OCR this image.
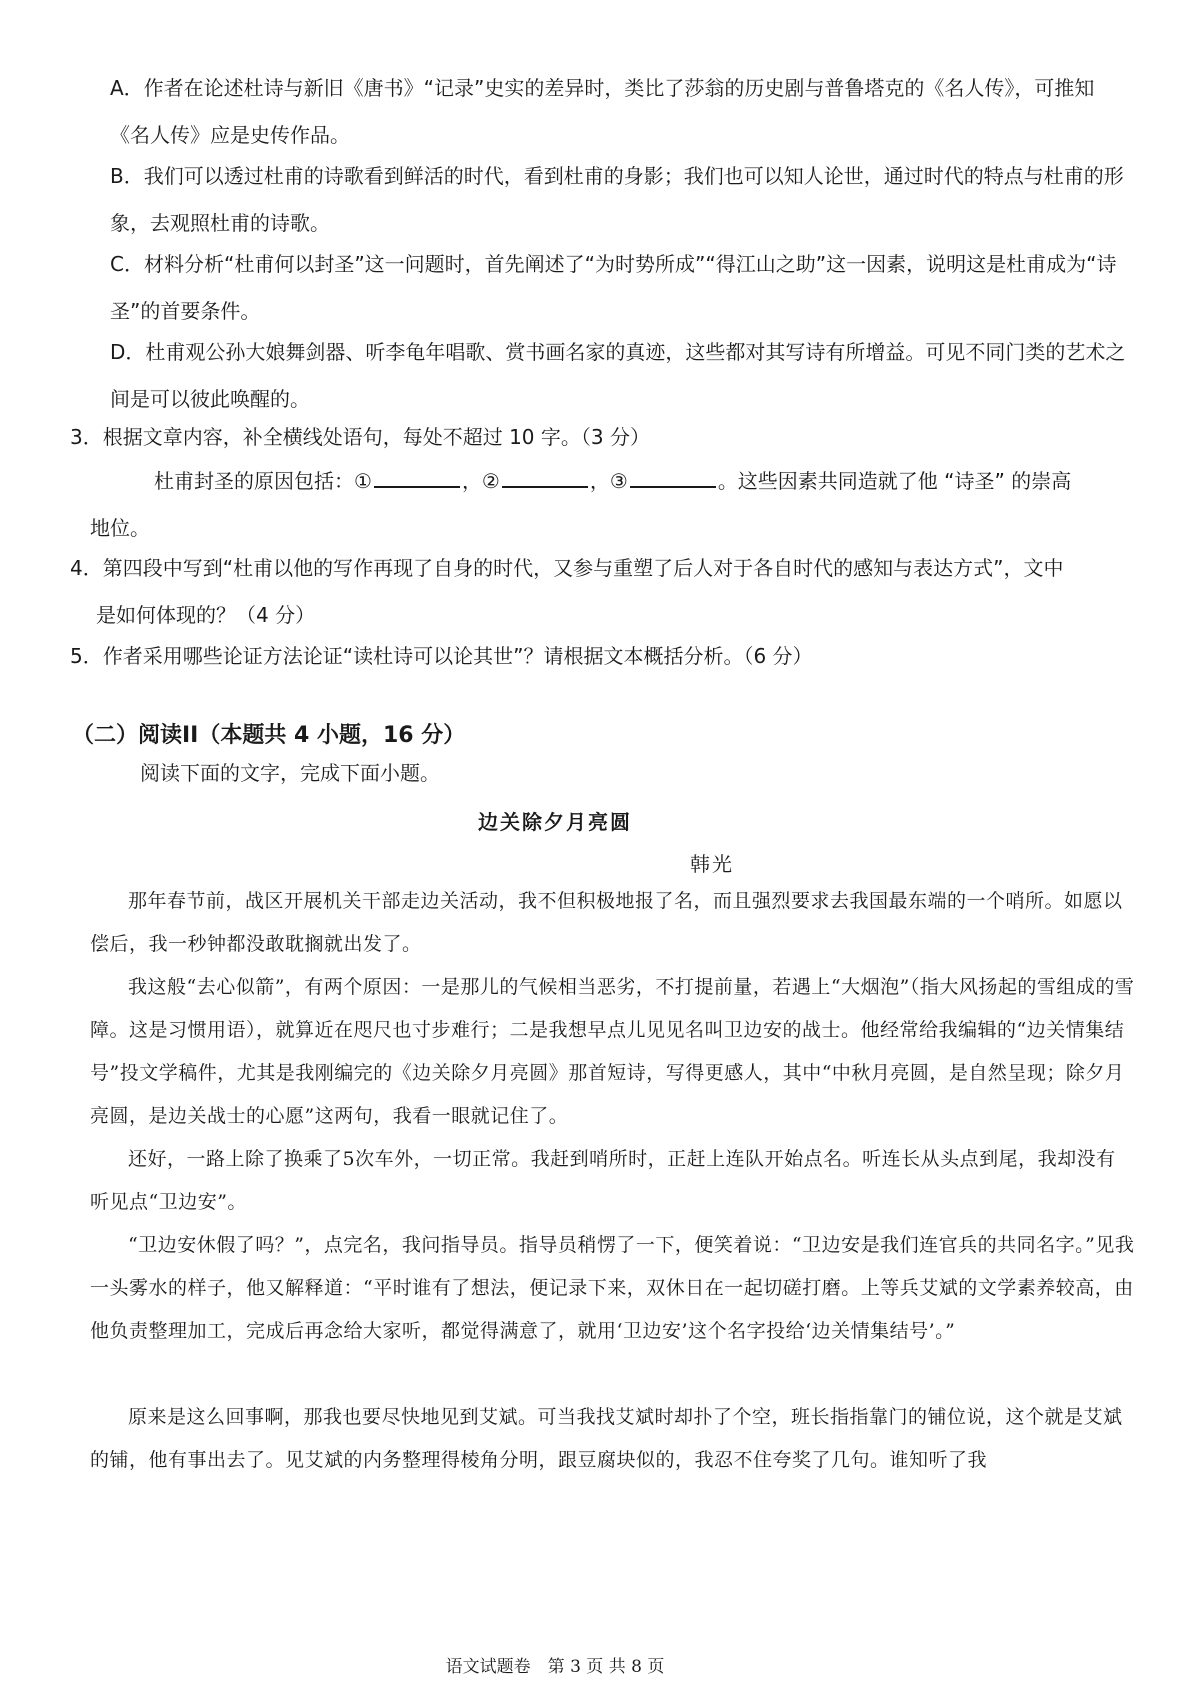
A．作者在论述杜诗与新旧《唐书》“记录”史实的差异时，类比了莎翁的历史剧与普鲁塔克的《名人传》，可推知《名人传》应是史传作品。
B．我们可以透过杜甫的诗歌看到鲜活的时代，看到杜甫的身影；我们也可以知人论世，通过时代的特点与杜甫的形象，去观照杜甫的诗歌。
C．材料分析“杜甫何以封圣”这一问题时，首先阐述了“为时势所成”“得江山之助”这一因素，说明这是杜甫成为“诗圣”的首要条件。
D．杜甫观公孙大娘舞剑器、听李龟年唱歌、赏书画名家的真迹，这些都对其写诗有所增益。可见不同门类的艺术之间是可以彼此唤醒的。
3．根据文章内容，补全横线处语句，每处不超过 10 字。（3 分）
杜甫封圣的原因包括：①	，②	，③	。这些因素共同造就了他 “诗圣” 的崇高
地位。
4．第四段中写到“杜甫以他的写作再现了自身的时代，又参与重塑了后人对于各自时代的感知与表达方式”，文中
是如何体现的？（4 分）
5．作者采用哪些论证方法论证“读杜诗可以论其世”？请根据文本概括分析。（6 分）
（二）阅读II（本题共 4 小题，16 分）
阅读下面的文字，完成下面小题。
边关除夕月亮圆
韩光
那年春节前，战区开展机关干部走边关活动，我不但积极地报了名，而且强烈要求去我国最东端的一个哨所。如愿以偿后，我一秒钟都没敢耽搁就出发了。
我这般“去心似箭”，有两个原因：一是那儿的气候相当恶劣，不打提前量，若遇上“大烟泡”（指大风扬起的雪组成的雪障。这是习惯用语），就算近在咫尺也寸步难行；二是我想早点儿见见名叫卫边安的战士。他经常给我编辑的“边关情集结号”投文学稿件，尤其是我刚编完的《边关除夕月亮圆》那首短诗，写得更感人，其中“中秋月亮圆，是自然呈现；除夕月亮圆，是边关战士的心愿”这两句，我看一眼就记住了。
还好，一路上除了换乘了5次车外，一切正常。我赶到哨所时，正赶上连队开始点名。听连长从头点到尾，我却没有听见点“卫边安”。
“卫边安休假了吗？”，点完名，我问指导员。指导员稍愣了一下，便笑着说：“卫边安是我们连官兵的共同名字。”见我一头雾水的样子，他又解释道：“平时谁有了想法，便记录下来，双休日在一起切磋打磨。上等兵艾斌的文学素养较高，由他负责整理加工，完成后再念给大家听，都觉得满意了，就用‘卫边安’这个名字投给‘边关情集结号’。”
原来是这么回事啊，那我也要尽快地见到艾斌。可当我找艾斌时却扑了个空，班长指指靠门的铺位说，这个就是艾斌的铺，他有事出去了。见艾斌的内务整理得棱角分明，跟豆腐块似的，我忍不住夸奖了几句。谁知听了我
语文试题卷　第 3 页 共 8 页
